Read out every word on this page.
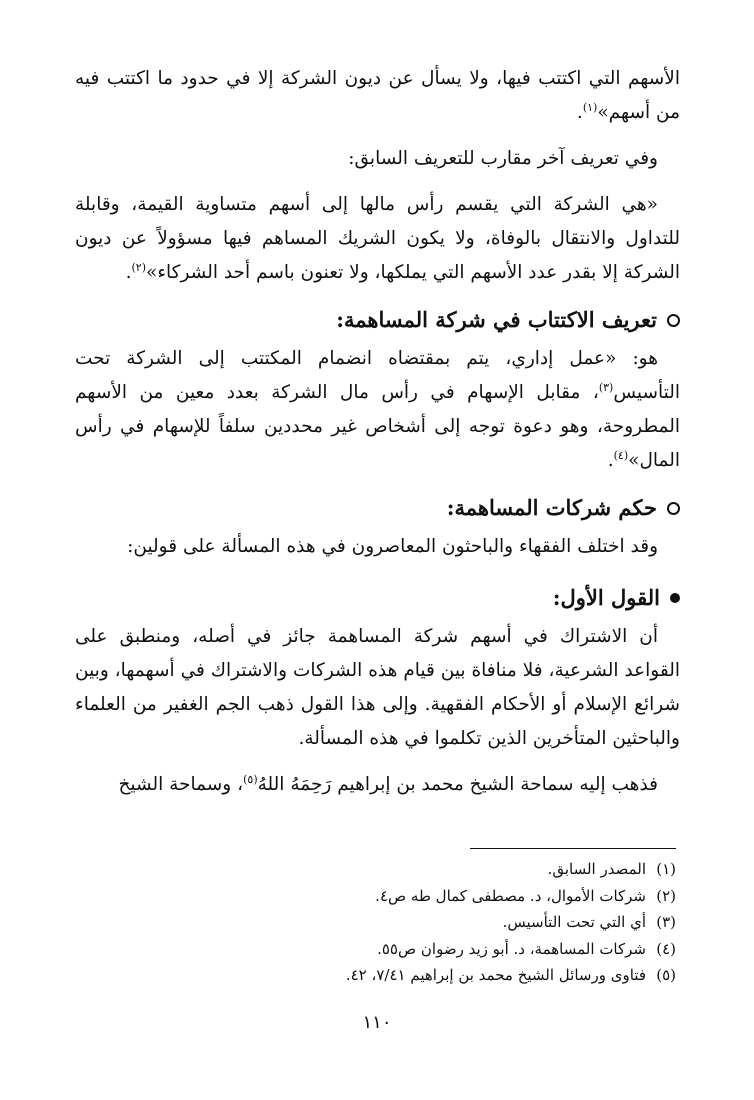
الأسهم التي اكتتب فيها، ولا يسأل عن ديون الشركة إلا في حدود ما اكتتب فيه من أسهم»$^{(١)}$.

وفي تعريف آخر مقارب للتعريف السابق:

«هي الشركة التي يقسم رأس مالها إلى أسهم متساوية القيمة، وقابلة للتداول والانتقال بالوفاة، ولا يكون الشريك المساهم فيها مسؤولاً عن ديون الشركة إلا بقدر عدد الأسهم التي يملكها، ولا تعنون باسم أحد الشركاء»$^{(٢)}$.

تعريف الاكتتاب في شركة المساهمة:

هو: «عمل إداري، يتم بمقتضاه انضمام المكتتب إلى الشركة تحت التأسيس$^{(٣)}$، مقابل الإسهام في رأس مال الشركة بعدد معين من الأسهم المطروحة، وهو دعوة توجه إلى أشخاص غير محددين سلفاً للإسهام في رأس المال»$^{(٤)}$.

حكم شركات المساهمة:

وقد اختلف الفقهاء والباحثون المعاصرون في هذه المسألة على قولين:

القول الأول:

أن الاشتراك في أسهم شركة المساهمة جائز في أصله، ومنطبق على القواعد الشرعية، فلا منافاة بين قيام هذه الشركات والاشتراك في أسهمها، وبين شرائع الإسلام أو الأحكام الفقهية. وإلى هذا القول ذهب الجم الغفير من العلماء والباحثين المتأخرين الذين تكلموا في هذه المسألة.

فذهب إليه سماحة الشيخ محمد بن إبراهيم رَحِمَهُ اللهُ$^{(٥)}$، وسماحة الشيخ

(١)المصدر السابق.

(٢)شركات الأموال، د. مصطفى كمال طه ص٤.

(٣)أي التي تحت التأسيس.

(٤)شركات المساهمة، د. أبو زيد رضوان ص٥٥.

(٥)فتاوى ورسائل الشيخ محمد بن إبراهيم ٧/٤١، ٤٢.

١١٠
